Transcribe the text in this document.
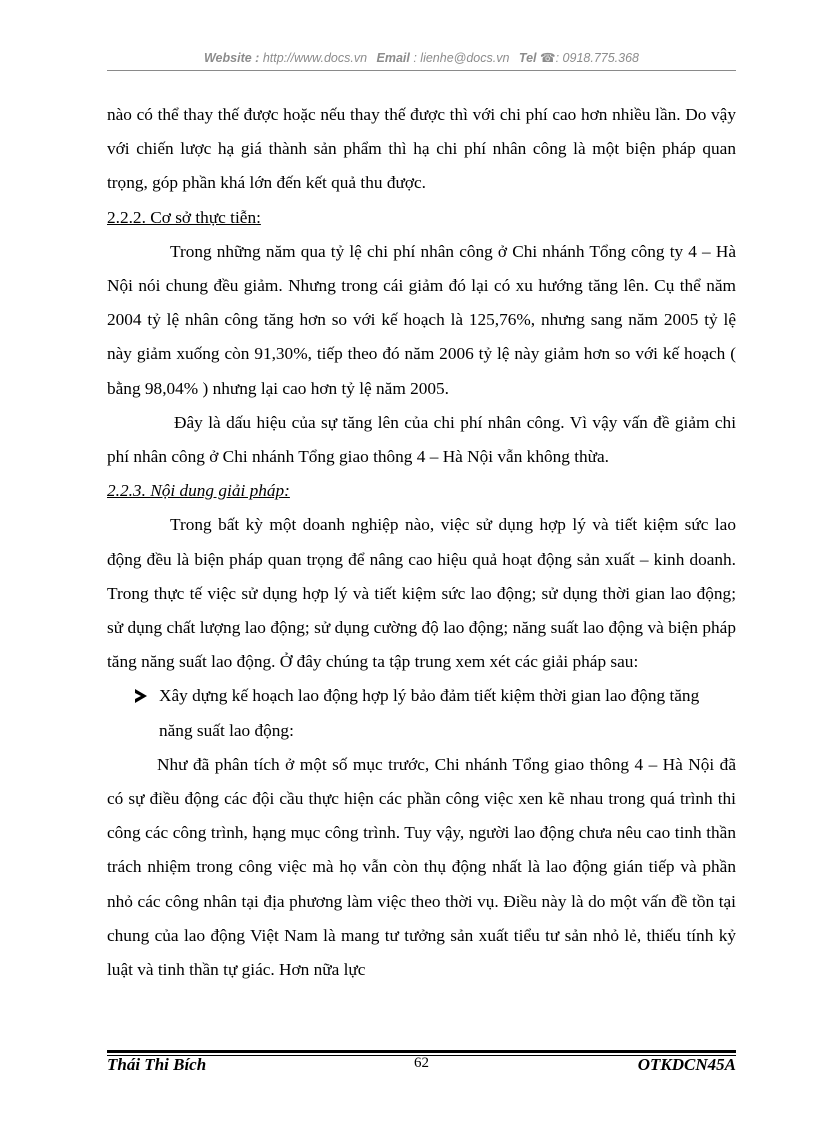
Website : http://www.docs.vn Email : lienhe@docs.vn Tel ☎: 0918.775.368

nào có thể thay thế được hoặc nếu thay thế được thì với chi phí cao hơn nhiều lần. Do vậy với chiến lược hạ giá thành sản phẩm thì hạ chi phí nhân công là một biện pháp quan trọng, góp phần khá lớn đến kết quả thu được.

2.2.2. Cơ sở thực tiễn:

Trong những năm qua tỷ lệ chi phí nhân công ở Chi nhánh Tổng công ty 4 – Hà Nội nói chung đều giảm. Nhưng trong cái giảm đó lại có xu hướng tăng lên. Cụ thể năm 2004 tỷ lệ nhân công tăng hơn so với kế hoạch là 125,76%, nhưng sang năm 2005 tỷ lệ này giảm xuống còn 91,30%, tiếp theo đó năm 2006 tỷ lệ này giảm hơn so với kế hoạch ( bằng 98,04% ) nhưng lại cao hơn tỷ lệ năm 2005.

Đây là dấu hiệu của sự tăng lên của chi phí nhân công. Vì vậy vấn đề giảm chi phí nhân công ở Chi nhánh Tổng giao thông 4 – Hà Nội vẫn không thừa.

2.2.3. Nội dung giải pháp:

Trong bất kỳ một doanh nghiệp nào, việc sử dụng hợp lý và tiết kiệm sức lao động đều là biện pháp quan trọng để nâng cao hiệu quả hoạt động sản xuất – kinh doanh. Trong thực tế việc sử dụng hợp lý và tiết kiệm sức lao động; sử dụng thời gian lao động; sử dụng chất lượng lao động; sử dụng cường độ lao động; năng suất lao động và biện pháp tăng năng suất lao động. Ở đây chúng ta tập trung xem xét các giải pháp sau:

Xây dựng kế hoạch lao động hợp lý bảo đảm tiết kiệm thời gian lao động tăng năng suất lao động:

Như đã phân tích ở một số mục trước, Chi nhánh Tổng giao thông 4 – Hà Nội đã có sự điều động các đội cầu thực hiện các phần công việc xen kẽ nhau trong quá trình thi công các công trình, hạng mục công trình. Tuy vậy, người lao động chưa nêu cao tinh thần trách nhiệm trong công việc mà họ vẫn còn thụ động nhất là lao động gián tiếp và phần nhỏ các công nhân tại địa phương làm việc theo thời vụ. Điều này là do một vấn đề tồn tại chung của lao động Việt Nam là mang tư tưởng sản xuất tiểu tư sản nhỏ lẻ, thiếu tính kỷ luật và tinh thần tự giác. Hơn nữa lực

Thái Thi Bích	62	OTKDCN45A
